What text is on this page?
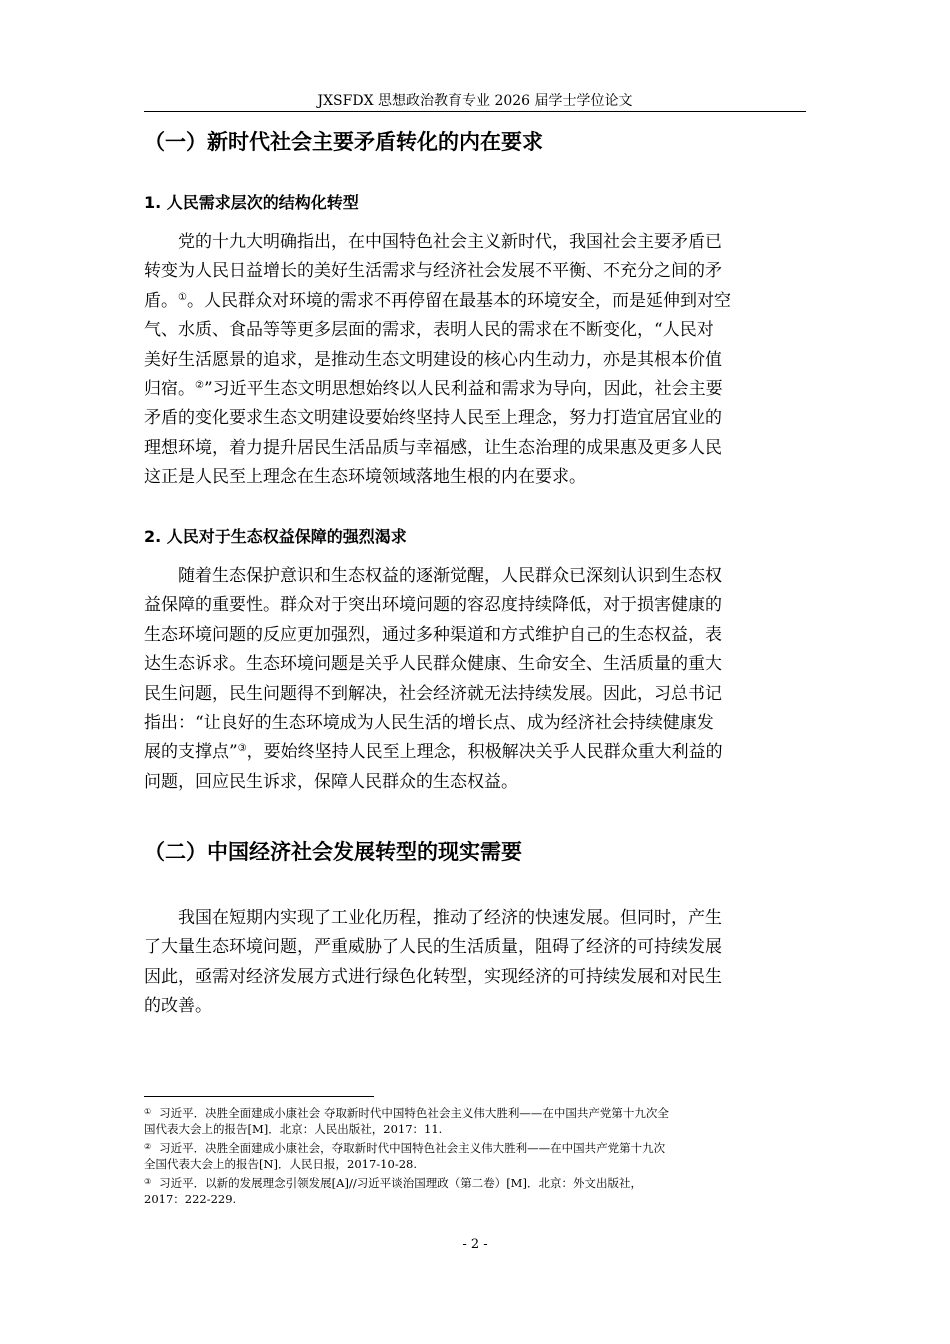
JXSFDX 思想政治教育专业 2026 届学士学位论文
（一）新时代社会主要矛盾转化的内在要求
1. 人民需求层次的结构化转型
党的十九大明确指出，在中国特色社会主义新时代，我国社会主要矛盾已
转变为人民日益增长的美好生活需求与经济社会发展不平衡、不充分之间的矛
盾。①。人民群众对环境的需求不再停留在最基本的环境安全，而是延伸到对空
气、水质、食品等等更多层面的需求，表明人民的需求在不断变化，“人民对
美好生活愿景的追求，是推动生态文明建设的核心内生动力，亦是其根本价值
归宿。②”习近平生态文明思想始终以人民利益和需求为导向，因此，社会主要
矛盾的变化要求生态文明建设要始终坚持人民至上理念，努力打造宜居宜业的
理想环境，着力提升居民生活品质与幸福感，让生态治理的成果惠及更多人民
这正是人民至上理念在生态环境领域落地生根的内在要求。
2. 人民对于生态权益保障的强烈渴求
随着生态保护意识和生态权益的逐渐觉醒，人民群众已深刻认识到生态权
益保障的重要性。群众对于突出环境问题的容忍度持续降低，对于损害健康的
生态环境问题的反应更加强烈，通过多种渠道和方式维护自己的生态权益，表
达生态诉求。生态环境问题是关乎人民群众健康、生命安全、生活质量的重大
民生问题，民生问题得不到解决，社会经济就无法持续发展。因此，习总书记
指出：“让良好的生态环境成为人民生活的增长点、成为经济社会持续健康发
展的支撑点”③，要始终坚持人民至上理念，积极解决关乎人民群众重大利益的
问题，回应民生诉求，保障人民群众的生态权益。
（二）中国经济社会发展转型的现实需要
我国在短期内实现了工业化历程，推动了经济的快速发展。但同时，产生
了大量生态环境问题，严重威胁了人民的生活质量，阻碍了经济的可持续发展
因此，亟需对经济发展方式进行绿色化转型，实现经济的可持续发展和对民生
的改善。
① 习近平．决胜全面建成小康社会 夺取新时代中国特色社会主义伟大胜利——在中国共产党第十九次全
国代表大会上的报告[M]．北京：人民出版社，2017：11.
② 习近平．决胜全面建成小康社会，夺取新时代中国特色社会主义伟大胜利——在中国共产党第十九次
全国代表大会上的报告[N]．人民日报，2017-10-28.
③ 习近平．以新的发展理念引领发展[A]//习近平谈治国理政（第二卷）[M]．北京：外文出版社，
2017：222-229.
- 2 -
